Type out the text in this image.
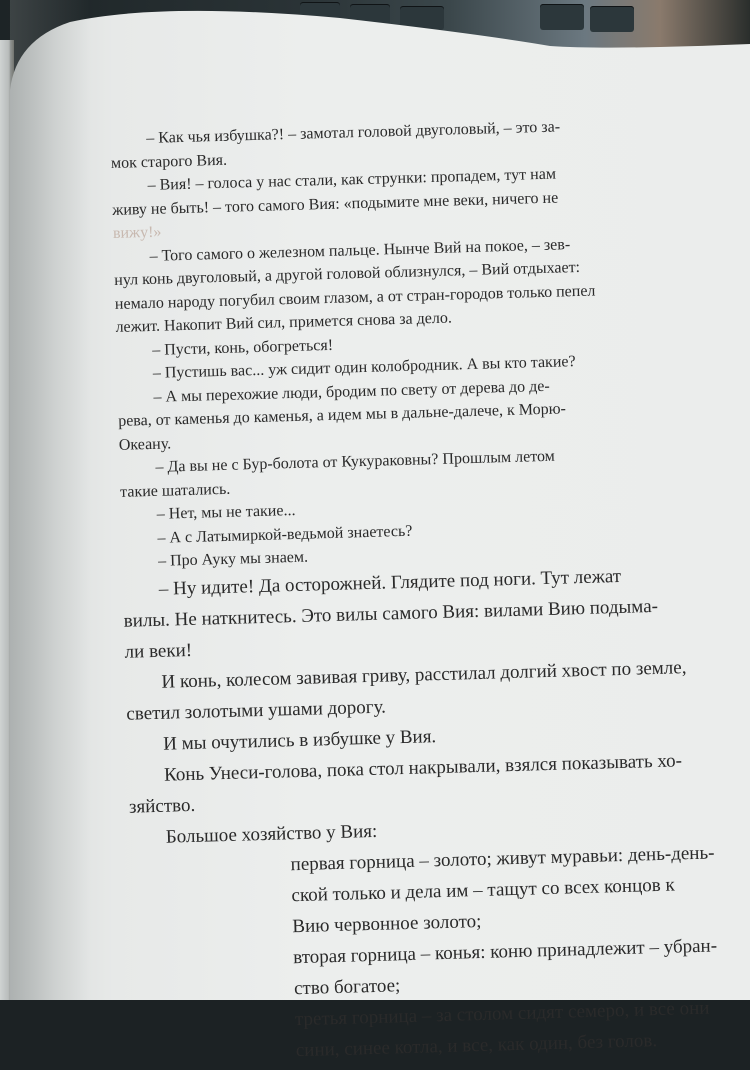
– Как чья избушка?! – замотал головой двуголовый, – это за-
мок старого Вия.
– Вия! – голоса у нас стали, как струнки: пропадем, тут нам
живу не быть! – того самого Вия: «подымите мне веки, ничего не
вижу!»
– Того самого о железном пальце. Нынче Вий на покое, – зев-
нул конь двуголовый, а другой головой облизнулся, – Вий отдыхает:
немало народу погубил своим глазом, а от стран-городов только пепел
лежит. Накопит Вий сил, примется снова за дело.
– Пусти, конь, обогреться!
– Пустишь вас... уж сидит один колобродник. А вы кто такие?
– А мы перехожие люди, бродим по свету от дерева до де-
рева, от каменья до каменья, а идем мы в дальне-далече, к Морю-
Океану.
– Да вы не с Бур-болота от Кукураковны? Прошлым летом
такие шатались.
– Нет, мы не такие...
– А с Латымиркой-ведьмой знаетесь?
– Про Ауку мы знаем.
– Ну идите! Да осторожней. Глядите под ноги. Тут лежат
вилы. Не наткнитесь. Это вилы самого Вия: вилами Вию подыма-
ли веки!
И конь, колесом завивая гриву, расстилал долгий хвост по земле,
светил золотыми ушами дорогу.
И мы очутились в избушке у Вия.
Конь Унеси-голова, пока стол накрывали, взялся показывать хо-
зяйство.
Большое хозяйство у Вия:
первая горница – золото; живут муравьи: день-день-
ской только и дела им – тащут со всех концов к
Вию червонное золото;
вторая горница – конья: коню принадлежит – убран-
ство богатое;
третья горница – за столом сидят семеро, и все они
сини, синее котла, и все, как один, без голов.
